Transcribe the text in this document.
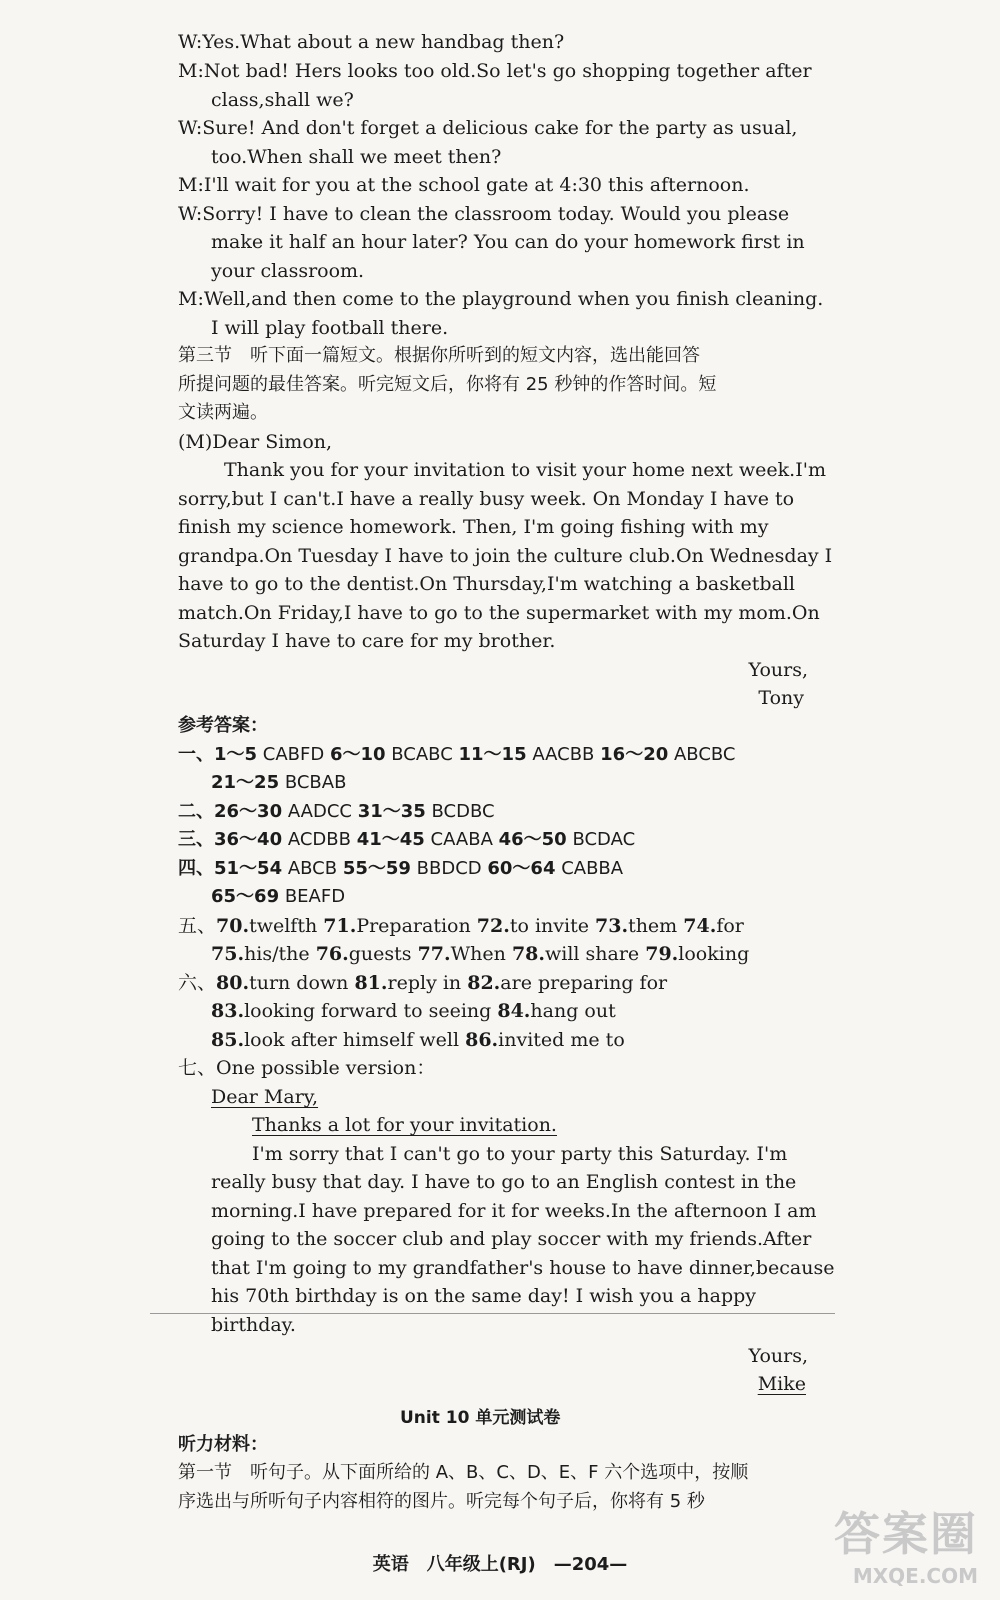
W:Yes.What about a new handbag then?
M:Not bad! Hers looks too old.So let's go shopping together after
class,shall we?
W:Sure! And don't forget a delicious cake for the party as usual,
too.When shall we meet then?
M:I'll wait for you at the school gate at 4:30 this afternoon.
W:Sorry! I have to clean the classroom today. Would you please
make it half an hour later? You can do your homework first in
your classroom.
M:Well,and then come to the playground when you finish cleaning.
I will play football there.
第三节　听下面一篇短文。根据你所听到的短文内容，选出能回答
所提问题的最佳答案。听完短文后，你将有 25 秒钟的作答时间。短
文读两遍。
(M)Dear Simon,
Thank you for your invitation to visit your home next week.I'm
sorry,but I can't.I have a really busy week. On Monday I have to
finish my science homework. Then, I'm going fishing with my
grandpa.On Tuesday I have to join the culture club.On Wednesday I
have to go to the dentist.On Thursday,I'm watching a basketball
match.On Friday,I have to go to the supermarket with my mom.On
Saturday I have to care for my brother.
Yours,
Tony
参考答案：
一、1～5 CABFD 6～10 BCABC 11～15 AACBB 16～20 ABCBC
21～25 BCBAB
二、26～30 AADCC 31～35 BCDBC
三、36～40 ACDBB 41～45 CAABA 46～50 BCDAC
四、51～54 ABCB 55～59 BBDCD 60～64 CABBA
65～69 BEAFD
五、70.twelfth 71.Preparation 72.to invite 73.them 74.for
75.his/the 76.guests 77.When 78.will share 79.looking
六、80.turn down 81.reply in 82.are preparing for
83.looking forward to seeing 84.hang out
85.look after himself well 86.invited me to
七、One possible version：
Dear Mary,
Thanks a lot for your invitation.
I'm sorry that I can't go to your party this Saturday. I'm
really busy that day. I have to go to an English contest in the
morning.I have prepared for it for weeks.In the afternoon I am
going to the soccer club and play soccer with my friends.After
that I'm going to my grandfather's house to have dinner,because
his 70th birthday is on the same day! I wish you a happy
birthday.
Yours,
Mike
Unit 10 单元测试卷
听力材料：
第一节　听句子。从下面所给的 A、B、C、D、E、F 六个选项中，按顺
序选出与所听句子内容相符的图片。听完每个句子后，你将有 5 秒
英语　八年级上(RJ)　—204—
答案圈
MXQE.COM
